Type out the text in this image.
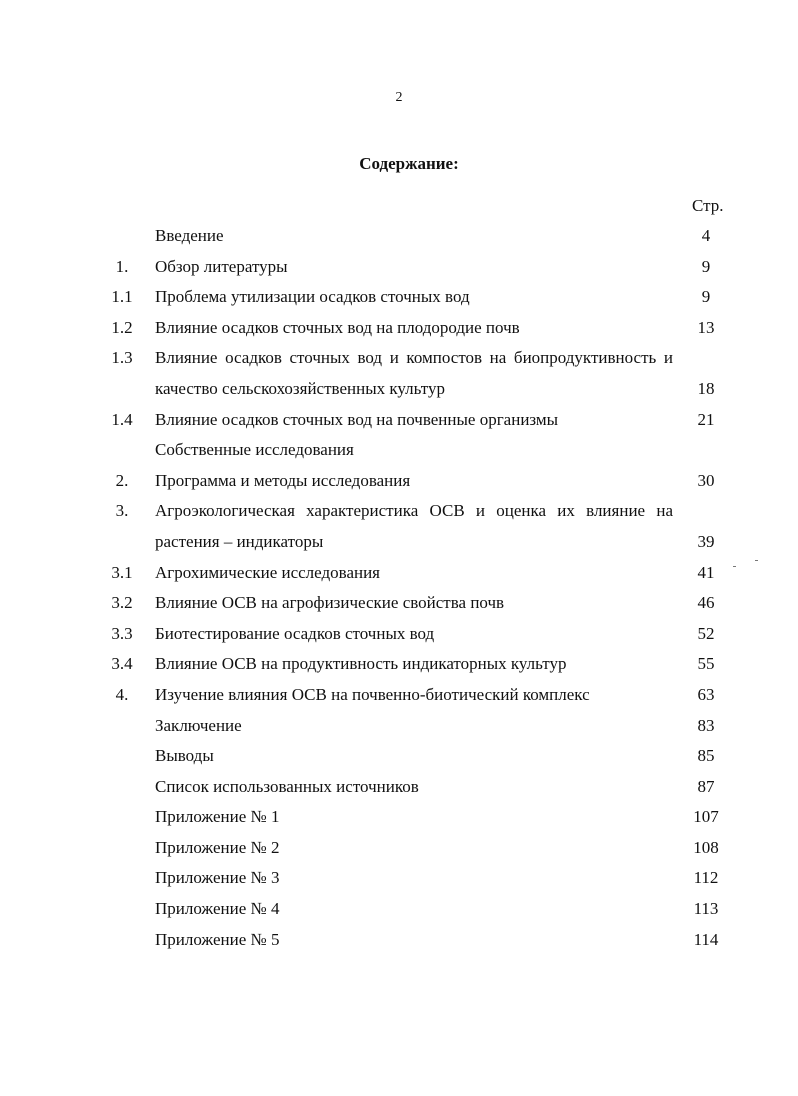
2
Содержание:
Стр.
Введение	4
1.	Обзор литературы	9
1.1	Проблема утилизации осадков сточных вод	9
1.2	Влияние осадков сточных вод на плодородие почв	13
1.3	Влияние осадков сточных вод и компостов на биопродуктивность и качество сельскохозяйственных культур	18
1.4	Влияние осадков сточных вод на почвенные организмы	21
Собственные исследования
2.	Программа и методы исследования	30
3.	Агроэкологическая характеристика ОСВ и оценка их влияние на растения – индикаторы	39
3.1	Агрохимические исследования	41
3.2	Влияние ОСВ на агрофизические свойства почв	46
3.3	Биотестирование осадков сточных вод	52
3.4	Влияние ОСВ на продуктивность индикаторных культур	55
4.	Изучение влияния ОСВ на почвенно-биотический комплекс	63
Заключение	83
Выводы	85
Список использованных источников	87
Приложение № 1	107
Приложение № 2	108
Приложение № 3	112
Приложение № 4	113
Приложение № 5	114
